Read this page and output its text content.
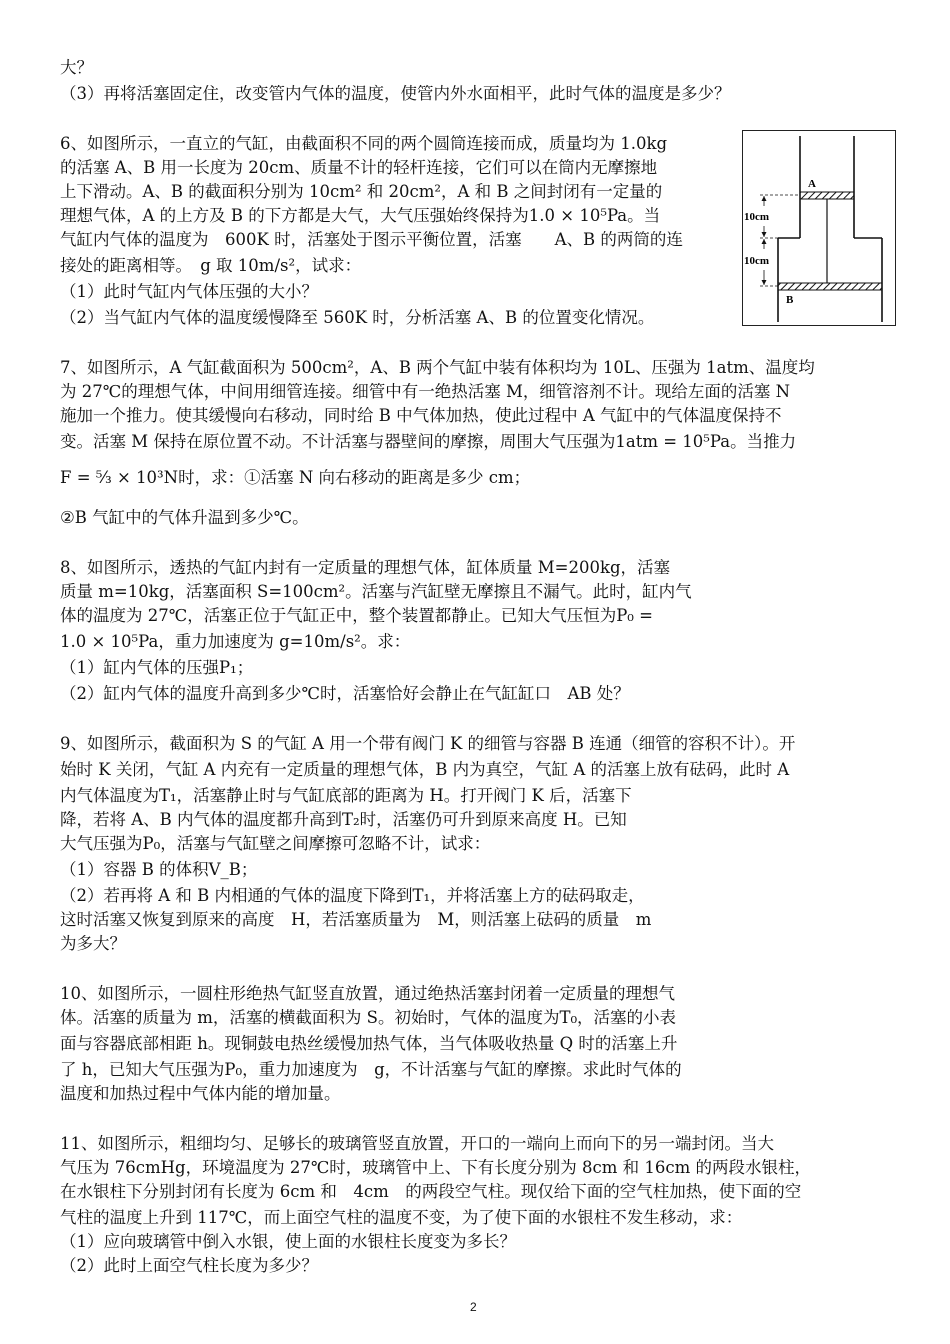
大？
（3）再将活塞固定住，改变管内气体的温度，使管内外水面相平，此时气体的温度是多少？
6、如图所示，一直立的气缸，由截面积不同的两个圆筒连接而成，质量均为 1.0kg
的活塞 A、B 用一长度为 20cm、质量不计的轻杆连接，它们可以在筒内无摩擦地
上下滑动。A、B 的截面积分别为 10cm² 和 20cm²，A 和 B 之间封闭有一定量的
理想气体，A 的上方及 B 的下方都是大气，大气压强始终保持为1.0 × 10⁵Pa。当
气缸内气体的温度为　600K 时，活塞处于图示平衡位置，活塞　　A、B 的两筒的连
接处的距离相等。　g 取 10m/s²，试求：
（1）此时气缸内气体压强的大小？
（2）当气缸内气体的温度缓慢降至 560K 时，分析活塞 A、B 的位置变化情况。
7、如图所示，A 气缸截面积为 500cm²，A、B 两个气缸中装有体积均为 10L、压强为 1atm、温度均
为 27℃的理想气体，中间用细管连接。细管中有一绝热活塞 M，细管溶剂不计。现给左面的活塞 N
施加一个推力。使其缓慢向右移动，同时给 B 中气体加热，使此过程中 A 气缸中的气体温度保持不
变。活塞 M 保持在原位置不动。不计活塞与器壁间的摩擦，周围大气压强为1atm = 10⁵Pa。当推力
F = ⁵⁄₃ × 10³N时，求：①活塞 N 向右移动的距离是多少 cm；
②B 气缸中的气体升温到多少℃。
8、如图所示，透热的气缸内封有一定质量的理想气体，缸体质量 M=200kg，活塞
质量 m=10kg，活塞面积 S=100cm²。活塞与汽缸壁无摩擦且不漏气。此时，缸内气
体的温度为 27℃，活塞正位于气缸正中，整个装置都静止。已知大气压恒为P₀ =
1.0 × 10⁵Pa，重力加速度为 g=10m/s²。求：
（1）缸内气体的压强P₁；
（2）缸内气体的温度升高到多少℃时，活塞恰好会静止在气缸缸口　AB 处？
9、如图所示，截面积为 S 的气缸 A 用一个带有阀门 K 的细管与容器 B 连通（细管的容积不计）。开
始时 K 关闭，气缸 A 内充有一定质量的理想气体，B 内为真空，气缸 A 的活塞上放有砝码，此时 A
内气体温度为T₁，活塞静止时与气缸底部的距离为 H。打开阀门 K 后，活塞下
降，若将 A、B 内气体的温度都升高到T₂时，活塞仍可升到原来高度 H。已知
大气压强为P₀，活塞与气缸壁之间摩擦可忽略不计，试求：
（1）容器 B 的体积V_B；
（2）若再将 A 和 B 内相通的气体的温度下降到T₁，并将活塞上方的砝码取走，
这时活塞又恢复到原来的高度　H，若活塞质量为　M，则活塞上砝码的质量　m
为多大？
10、如图所示，一圆柱形绝热气缸竖直放置，通过绝热活塞封闭着一定质量的理想气
体。活塞的质量为 m，活塞的横截面积为 S。初始时，气体的温度为T₀，活塞的小表
面与容器底部相距 h。现铜鼓电热丝缓慢加热气体，当气体吸收热量 Q 时的活塞上升
了 h，已知大气压强为P₀，重力加速度为　g，不计活塞与气缸的摩擦。求此时气体的
温度和加热过程中气体内能的增加量。
11、如图所示，粗细均匀、足够长的玻璃管竖直放置，开口的一端向上而向下的另一端封闭。当大
气压为 76cmHg，环境温度为 27℃时，玻璃管中上、下有长度分别为 8cm 和 16cm 的两段水银柱，
在水银柱下分别封闭有长度为 6cm 和　4cm　的两段空气柱。现仅给下面的空气柱加热，使下面的空
气柱的温度上升到 117℃，而上面空气柱的温度不变，为了使下面的水银柱不发生移动，求：
（1）应向玻璃管中倒入水银，使上面的水银柱长度变为多长？
（2）此时上面空气柱长度为多少？
A
B
10cm
10cm
2
